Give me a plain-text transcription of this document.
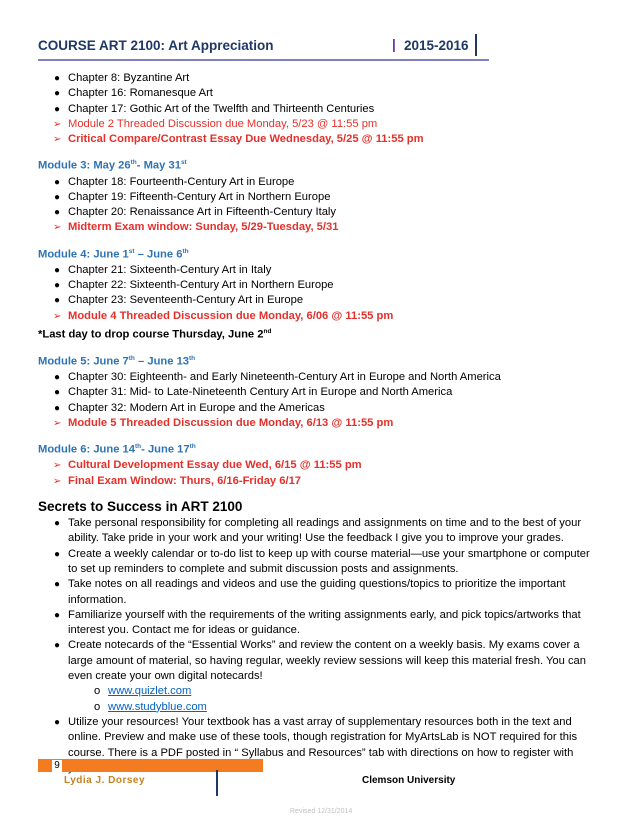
COURSE ART 2100: Art Appreciation	| 2015-2016
● Chapter 8: Byzantine Art
● Chapter 16: Romanesque Art
● Chapter 17: Gothic Art of the Twelfth and Thirteenth Centuries
➢ Module 2 Threaded Discussion due Monday, 5/23 @ 11:55 pm
➢ Critical Compare/Contrast Essay Due Wednesday, 5/25 @ 11:55 pm
Module 3: May 26th- May 31st
● Chapter 18: Fourteenth-Century Art in Europe
● Chapter 19: Fifteenth-Century Art in Northern Europe
● Chapter 20: Renaissance Art in Fifteenth-Century Italy
➢ Midterm Exam window: Sunday, 5/29-Tuesday, 5/31
Module 4: June 1st – June 6th
● Chapter 21: Sixteenth-Century Art in Italy
● Chapter 22: Sixteenth-Century Art in Northern Europe
● Chapter 23: Seventeenth-Century Art in Europe
➢ Module 4 Threaded Discussion due Monday, 6/06 @ 11:55 pm
*Last day to drop course Thursday, June 2nd
Module 5: June 7th – June 13th
● Chapter 30: Eighteenth- and Early Nineteenth-Century Art in Europe and North America
● Chapter 31: Mid- to Late-Nineteenth Century Art in Europe and North America
● Chapter 32: Modern Art in Europe and the Americas
➢ Module 5 Threaded Discussion due Monday, 6/13 @ 11:55 pm
Module 6: June 14th- June 17th
➢ Cultural Development Essay due Wed, 6/15 @ 11:55 pm
➢ Final Exam Window: Thurs, 6/16-Friday 6/17
Secrets to Success in ART 2100
● Take personal responsibility for completing all readings and assignments on time and to the best of your ability. Take pride in your work and your writing! Use the feedback I give you to improve your grades.
● Create a weekly calendar or to-do list to keep up with course material—use your smartphone or computer to set up reminders to complete and submit discussion posts and assignments.
● Take notes on all readings and videos and use the guiding questions/topics to prioritize the important information.
● Familiarize yourself with the requirements of the writing assignments early, and pick topics/artworks that interest you. Contact me for ideas or guidance.
● Create notecards of the “Essential Works” and review the content on a weekly basis. My exams cover a large amount of material, so having regular, weekly review sessions will keep this material fresh. You can even create your own digital notecards!
o www.quizlet.com
o www.studyblue.com
● Utilize your resources! Your textbook has a vast array of supplementary resources both in the text and online. Preview and make use of these tools, though registration for MyArtsLab is NOT required for this course. There is a PDF posted in “ Syllabus and Resources” tab with directions on how to register with
9
Lydia J. Dorsey	Clemson University
Revised 12/31/2014
